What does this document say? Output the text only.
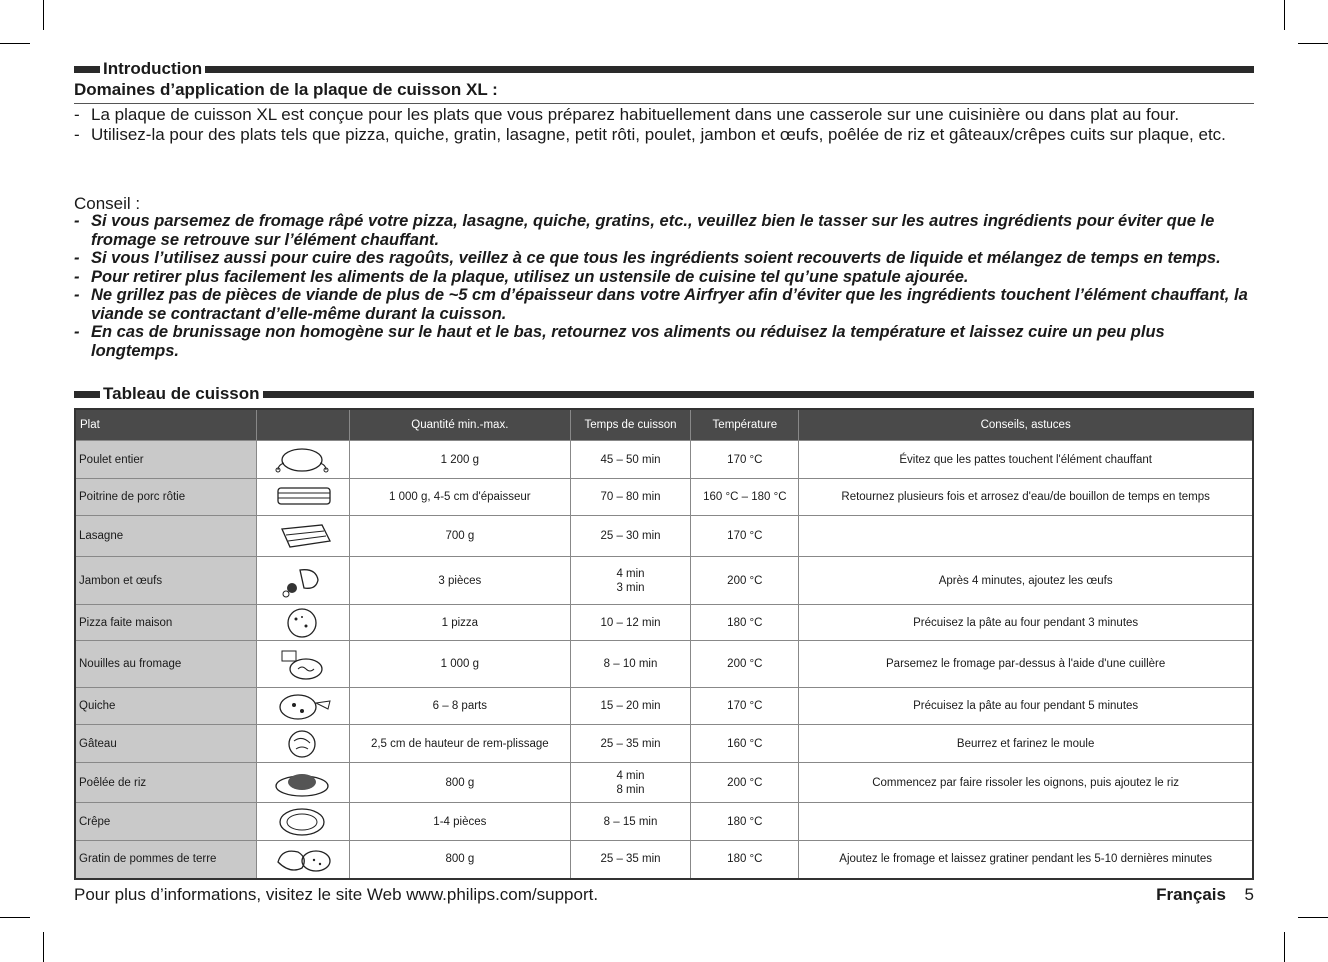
Introduction
Domaines d’application de la plaque de cuisson XL :
- La plaque de cuisson XL est conçue pour les plats que vous préparez habituellement dans une casserole sur une cuisinière ou dans plat au four.
- Utilisez-la pour des plats tels que pizza, quiche, gratin, lasagne, petit rôti, poulet, jambon et œufs, poêlée de riz et gâteaux/crêpes cuits sur plaque, etc.
Conseil :
- Si vous parsemez de fromage râpé votre pizza, lasagne, quiche, gratins, etc., veuillez bien le tasser sur les autres ingrédients pour éviter que le fromage se retrouve sur l’élément chauffant.
- Si vous l’utilisez aussi pour cuire des ragoûts, veillez à ce que tous les ingrédients soient recouverts de liquide et mélangez de temps en temps.
- Pour retirer plus facilement les aliments de la plaque, utilisez un ustensile de cuisine tel qu’une spatule ajourée.
- Ne grillez pas de pièces de viande de plus de ~5 cm d’épaisseur dans votre Airfryer afin d’éviter que les ingrédients touchent l’élément chauffant, la viande se contractant d’elle-même durant la cuisson.
- En cas de brunissage non homogène sur le haut et le bas, retournez vos aliments ou réduisez la température et laissez cuire un peu plus longtemps.
Tableau de cuisson
Plat		Quantité min.-max.	Temps de cuisson	Température	Conseils, astuces
Poulet entier		1 200 g	45 – 50 min	170 °C	Évitez que les pattes touchent l'élément chauffant
Poitrine de porc rôtie		1 000 g, 4-5 cm d'épaisseur	70 – 80 min	160 °C – 180 °C	Retournez plusieurs fois et arrosez d'eau/de bouillon de temps en temps
Lasagne		700 g	25 – 30 min	170 °C	
Jambon et œufs		3 pièces	4 min
3 min	200 °C	Après 4 minutes, ajoutez les œufs
Pizza faite maison		1 pizza	10 – 12 min	180 °C	Précuisez la pâte au four pendant 3 minutes
Nouilles au fromage		1 000 g	8 – 10 min	200 °C	Parsemez le fromage par-dessus à l'aide d'une cuillère
Quiche		6 – 8 parts	15 – 20 min	170 °C	Précuisez la pâte au four pendant 5 minutes
Gâteau		2,5 cm de hauteur de rem-plissage	25 – 35 min	160 °C	Beurrez et farinez le moule
Poêlée de riz		800 g	4 min
8 min	200 °C	Commencez par faire rissoler les oignons, puis ajoutez le riz
Crêpe		1-4 pièces	8 – 15 min	180 °C	
Gratin de pommes de terre		800 g	25 – 35 min	180 °C	Ajoutez le fromage et laissez gratiner pendant les 5-10 dernières minutes
Pour plus d’informations, visitez le site Web www.philips.com/support.	Français 5
